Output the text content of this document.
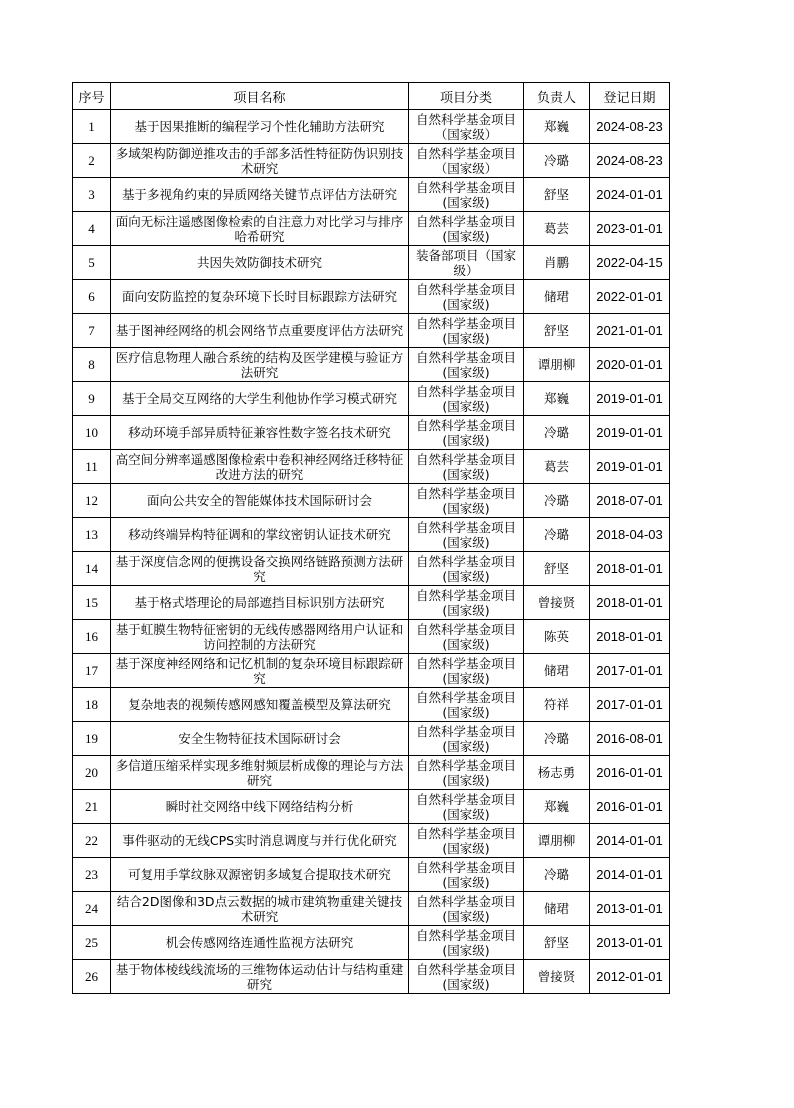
序号	项目名称	项目分类	负责人	登记日期
1	基于因果推断的编程学习个性化辅助方法研究	自然科学基金项目（国家级）	郑巍	2024-08-23
2	多域架构防御逆推攻击的手部多活性特征防伪识别技术研究	自然科学基金项目（国家级）	冷璐	2024-08-23
3	基于多视角约束的异质网络关键节点评估方法研究	自然科学基金项目(国家级)	舒坚	2024-01-01
4	面向无标注遥感图像检索的自注意力对比学习与排序哈希研究	自然科学基金项目(国家级)	葛芸	2023-01-01
5	共因失效防御技术研究	装备部项目（国家级）	肖鹏	2022-04-15
6	面向安防监控的复杂环境下长时目标跟踪方法研究	自然科学基金项目(国家级)	储珺	2022-01-01
7	基于图神经网络的机会网络节点重要度评估方法研究	自然科学基金项目(国家级)	舒坚	2021-01-01
8	医疗信息物理人融合系统的结构及医学建模与验证方法研究	自然科学基金项目(国家级)	谭朋柳	2020-01-01
9	基于全局交互网络的大学生利他协作学习模式研究	自然科学基金项目(国家级)	郑巍	2019-01-01
10	移动环境手部异质特征兼容性数字签名技术研究	自然科学基金项目(国家级)	冷璐	2019-01-01
11	高空间分辨率遥感图像检索中卷积神经网络迁移特征改进方法的研究	自然科学基金项目(国家级)	葛芸	2019-01-01
12	面向公共安全的智能媒体技术国际研讨会	自然科学基金项目(国家级)	冷璐	2018-07-01
13	移动终端异构特征调和的掌纹密钥认证技术研究	自然科学基金项目(国家级)	冷璐	2018-04-03
14	基于深度信念网的便携设备交换网络链路预测方法研究	自然科学基金项目(国家级)	舒坚	2018-01-01
15	基于格式塔理论的局部遮挡目标识别方法研究	自然科学基金项目(国家级)	曾接贤	2018-01-01
16	基于虹膜生物特征密钥的无线传感器网络用户认证和访问控制的方法研究	自然科学基金项目(国家级)	陈英	2018-01-01
17	基于深度神经网络和记忆机制的复杂环境目标跟踪研究	自然科学基金项目(国家级)	储珺	2017-01-01
18	复杂地表的视频传感网感知覆盖模型及算法研究	自然科学基金项目(国家级)	符祥	2017-01-01
19	安全生物特征技术国际研讨会	自然科学基金项目(国家级)	冷璐	2016-08-01
20	多信道压缩采样实现多维射频层析成像的理论与方法研究	自然科学基金项目(国家级)	杨志勇	2016-01-01
21	瞬时社交网络中线下网络结构分析	自然科学基金项目(国家级)	郑巍	2016-01-01
22	事件驱动的无线CPS实时消息调度与并行优化研究	自然科学基金项目(国家级)	谭朋柳	2014-01-01
23	可复用手掌纹脉双源密钥多域复合提取技术研究	自然科学基金项目(国家级)	冷璐	2014-01-01
24	结合2D图像和3D点云数据的城市建筑物重建关键技术研究	自然科学基金项目(国家级)	储珺	2013-01-01
25	机会传感网络连通性监视方法研究	自然科学基金项目(国家级)	舒坚	2013-01-01
26	基于物体棱线线流场的三维物体运动估计与结构重建研究	自然科学基金项目(国家级)	曾接贤	2012-01-01
